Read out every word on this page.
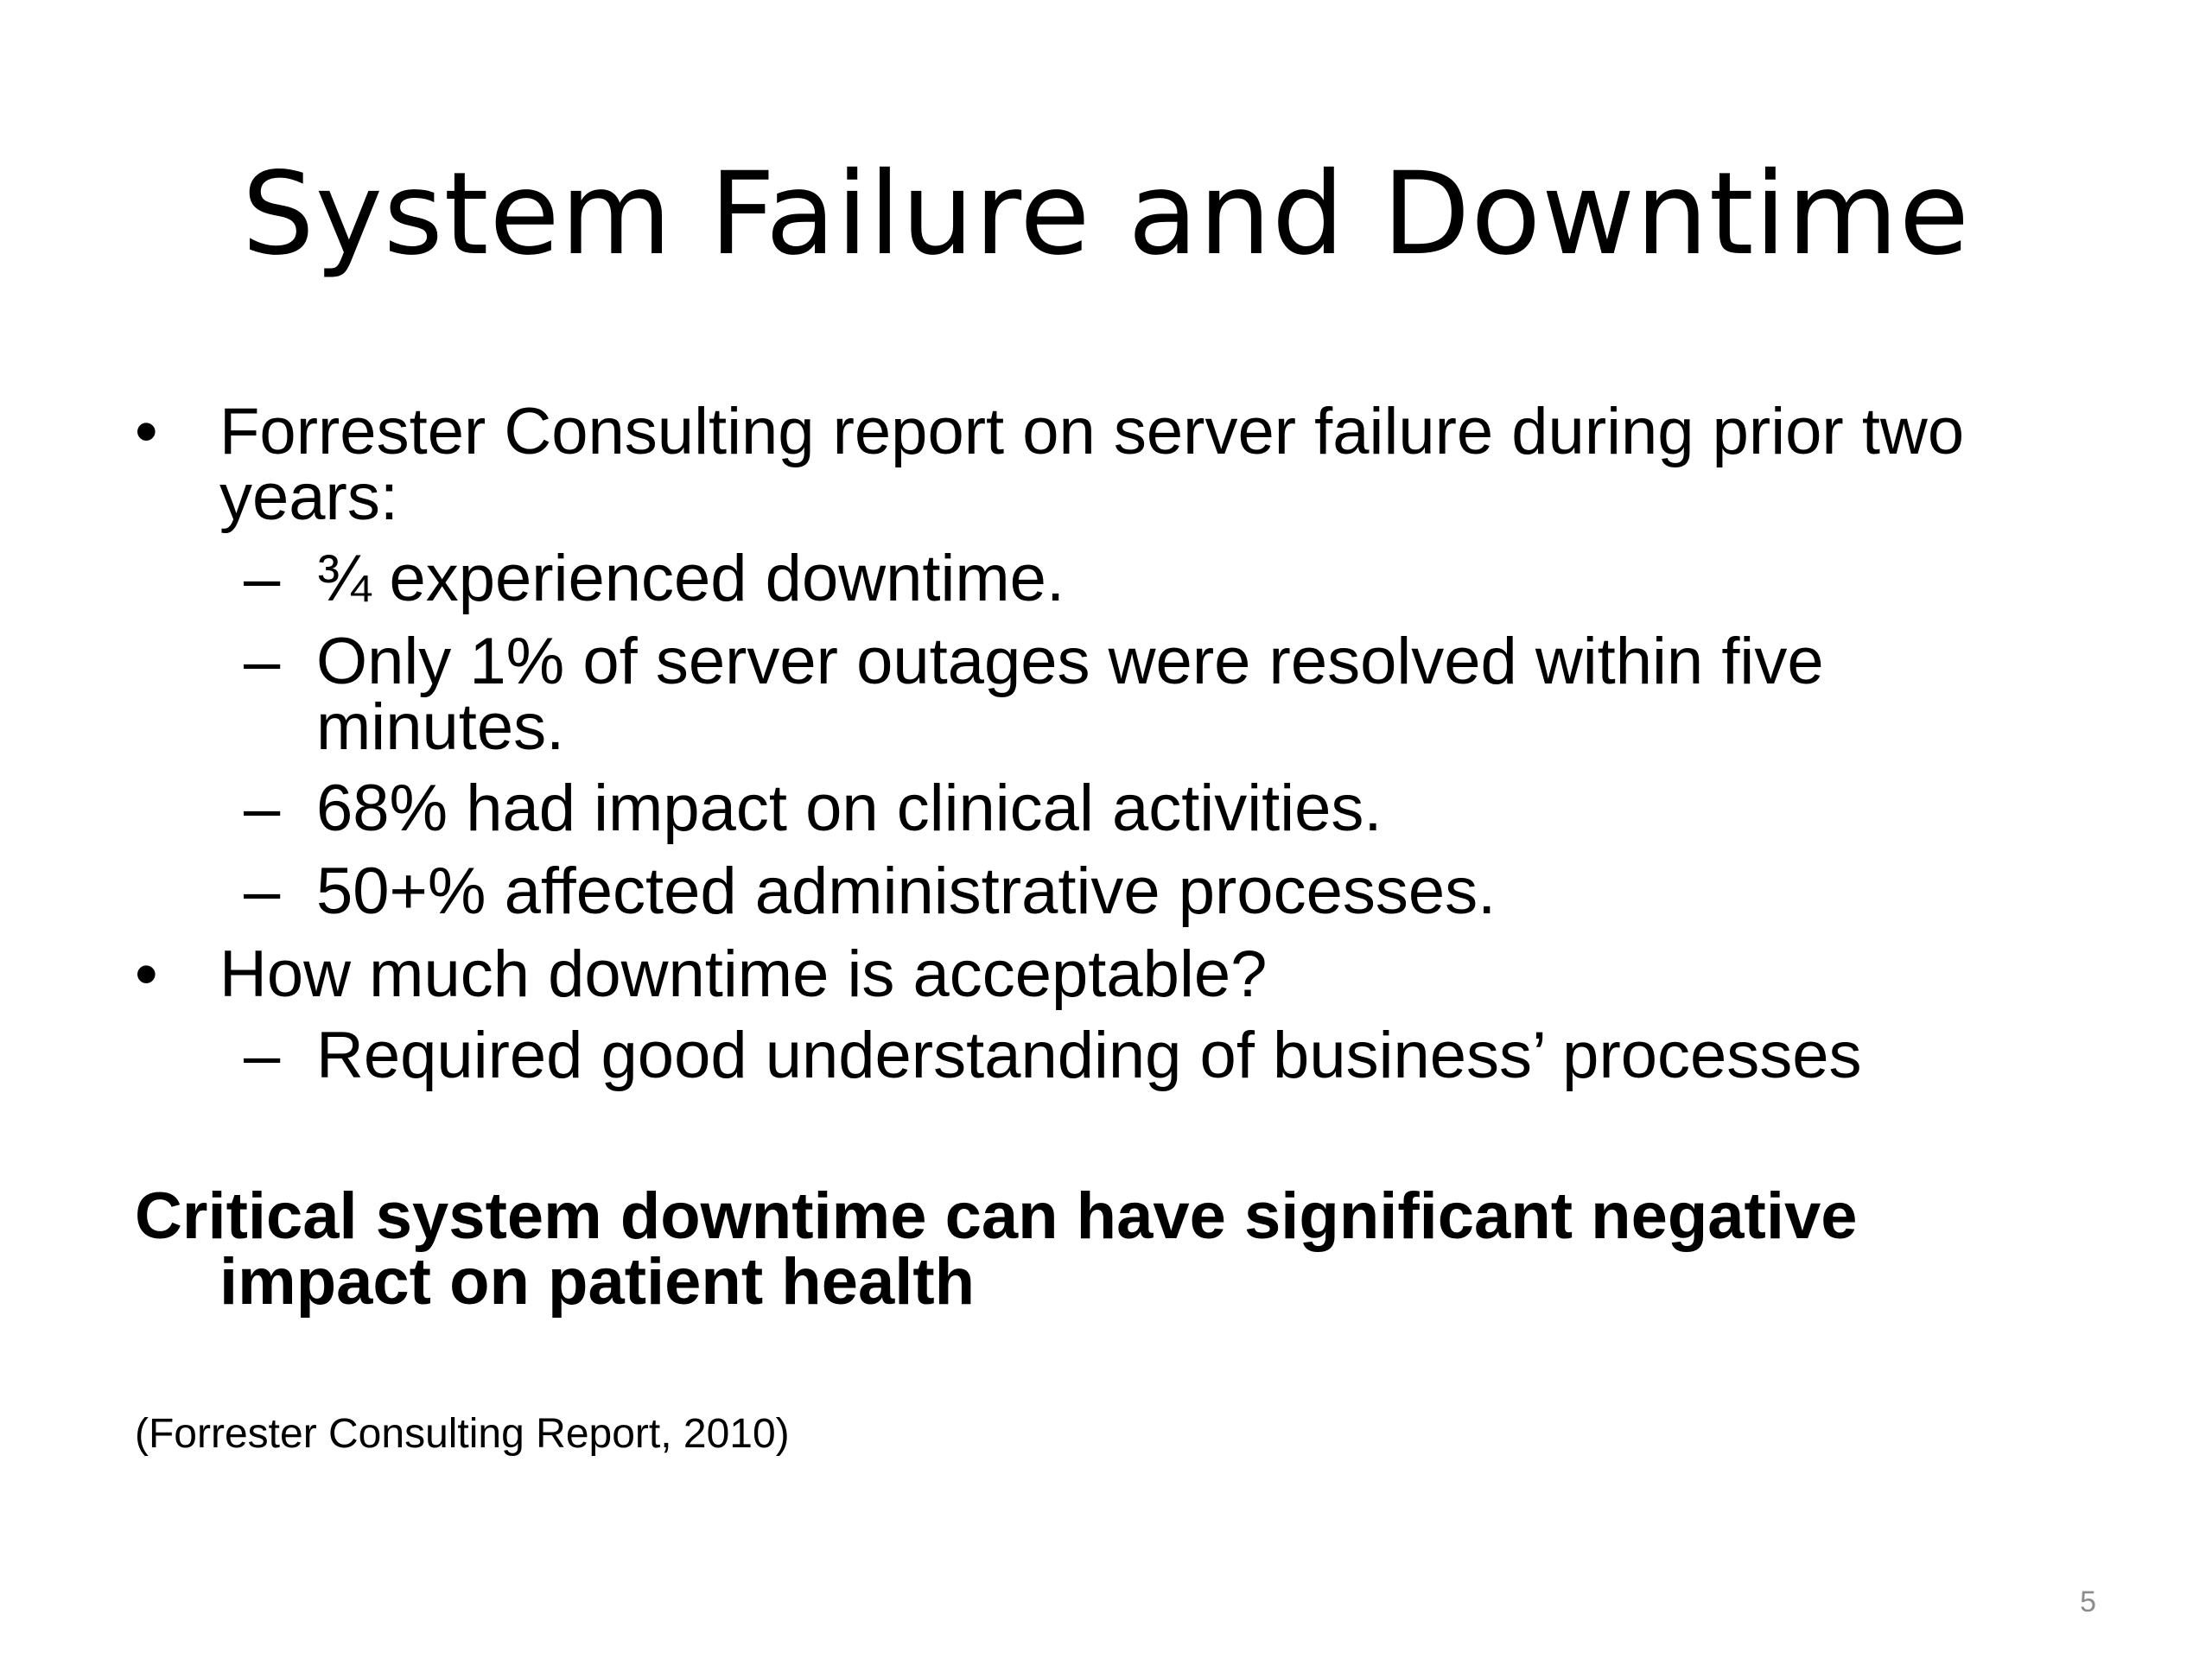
System Failure and Downtime
• Forrester Consulting report on server failure during prior two
years:
– ¾ experienced downtime.
– Only 1% of server outages were resolved within five
minutes.
– 68% had impact on clinical activities.
– 50+% affected administrative processes.
• How much downtime is acceptable?
– Required good understanding of business’ processes
Critical system downtime can have significant negative
impact on patient health
(Forrester Consulting Report, 2010)
5
